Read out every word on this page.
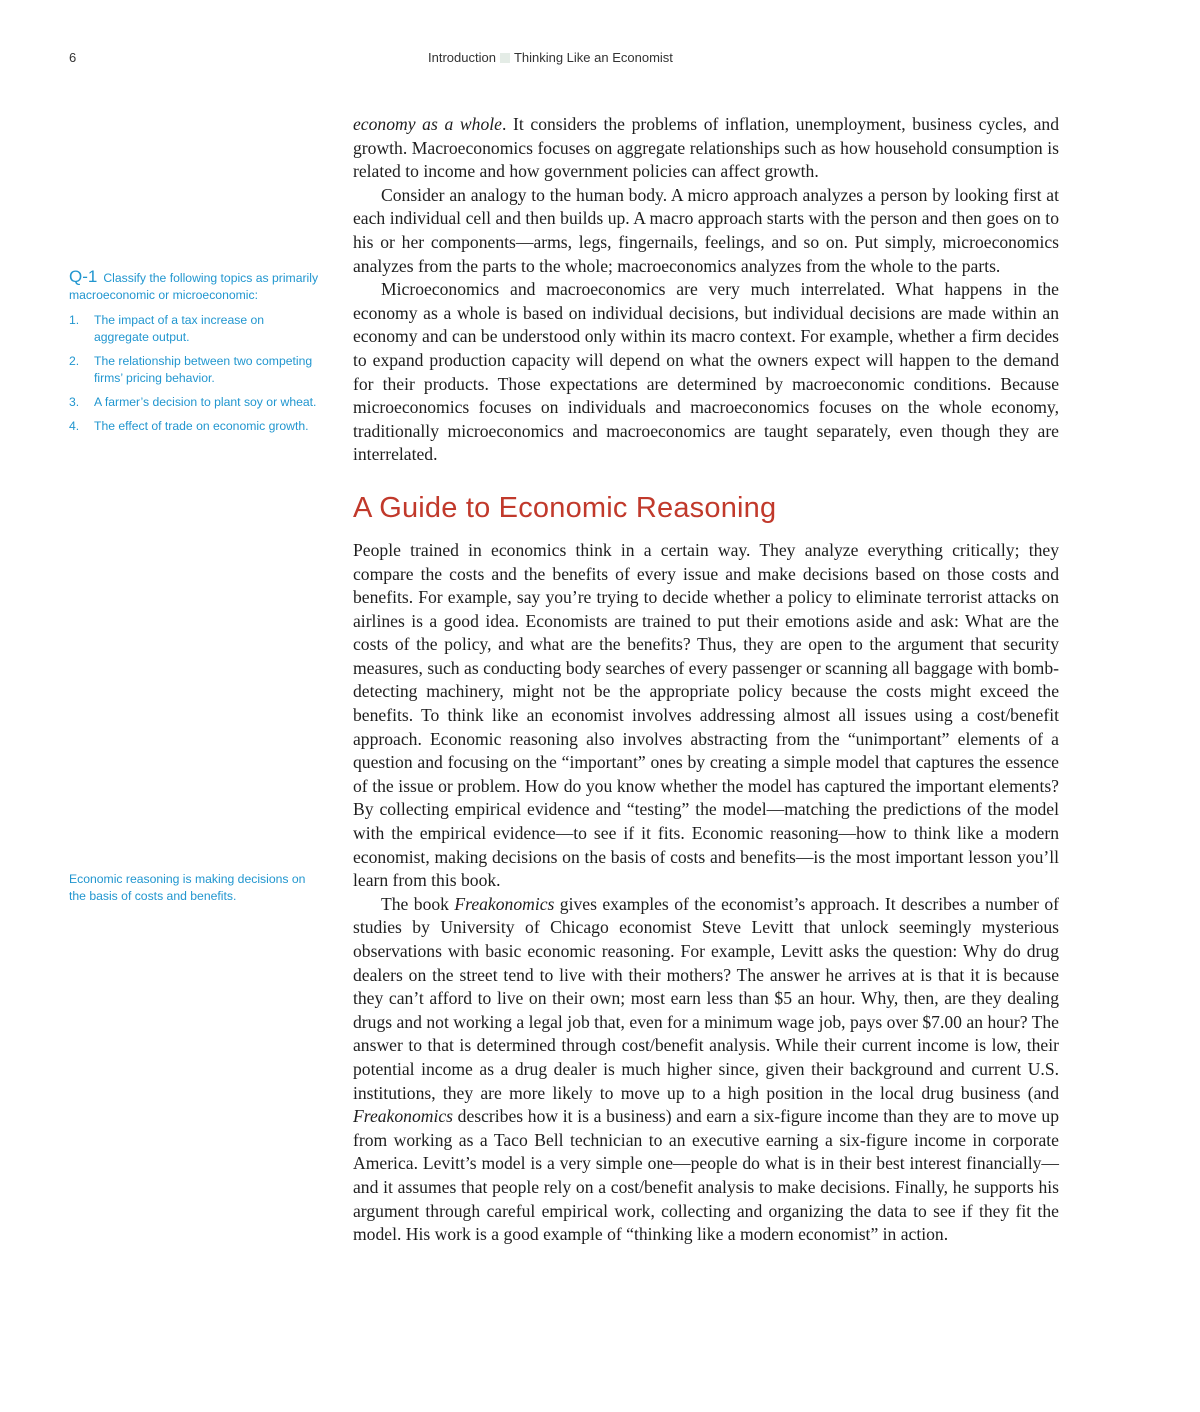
6	Introduction Thinking Like an Economist
Q-1 Classify the following topics as primarily macroeconomic or microeconomic:
1. The impact of a tax increase on aggregate output.
2. The relationship between two competing firms’ pricing behavior.
3. A farmer’s decision to plant soy or wheat.
4. The effect of trade on economic growth.
Economic reasoning is making decisions on the basis of costs and benefits.

economy as a whole. It considers the problems of inflation, unemployment, business cycles, and growth. Macroeconomics focuses on aggregate relationships such as how household consumption is related to income and how government policies can affect growth.

Consider an analogy to the human body. A micro approach analyzes a person by looking first at each individual cell and then builds up. A macro approach starts with the person and then goes on to his or her components—arms, legs, fingernails, feelings, and so on. Put simply, microeconomics analyzes from the parts to the whole; macroeconomics analyzes from the whole to the parts.

Microeconomics and macroeconomics are very much interrelated. What happens in the economy as a whole is based on individual decisions, but individual decisions are made within an economy and can be understood only within its macro context. For example, whether a firm decides to expand production capacity will depend on what the owners expect will happen to the demand for their products. Those expectations are determined by macroeconomic conditions. Because microeconomics focuses on individuals and macroeconomics focuses on the whole economy, traditionally microeconomics and macroeconomics are taught separately, even though they are interrelated.

A Guide to Economic Reasoning

People trained in economics think in a certain way. They analyze everything critically; they compare the costs and the benefits of every issue and make decisions based on those costs and benefits. For example, say you’re trying to decide whether a policy to eliminate terrorist attacks on airlines is a good idea. Economists are trained to put their emotions aside and ask: What are the costs of the policy, and what are the benefits? Thus, they are open to the argument that security measures, such as conducting body searches of every passenger or scanning all baggage with bomb-detecting machinery, might not be the appropriate policy because the costs might exceed the benefits. To think like an economist involves addressing almost all issues using a cost/benefit approach. Economic reasoning also involves abstracting from the “unimportant” elements of a question and focusing on the “important” ones by creating a simple model that captures the essence of the issue or problem. How do you know whether the model has captured the important elements? By collecting empirical evidence and “testing” the model—matching the predictions of the model with the empirical evidence—to see if it fits. Economic reasoning—how to think like a modern economist, making decisions on the basis of costs and benefits—is the most important lesson you’ll learn from this book.

The book Freakonomics gives examples of the economist’s approach. It describes a number of studies by University of Chicago economist Steve Levitt that unlock seemingly mysterious observations with basic economic reasoning. For example, Levitt asks the question: Why do drug dealers on the street tend to live with their mothers? The answer he arrives at is that it is because they can’t afford to live on their own; most earn less than $5 an hour. Why, then, are they dealing drugs and not working a legal job that, even for a minimum wage job, pays over $7.00 an hour? The answer to that is determined through cost/benefit analysis. While their current income is low, their potential income as a drug dealer is much higher since, given their background and current U.S. institutions, they are more likely to move up to a high position in the local drug business (and Freakonomics describes how it is a business) and earn a six-figure income than they are to move up from working as a Taco Bell technician to an executive earning a six-figure income in corporate America. Levitt’s model is a very simple one—people do what is in their best interest financially—and it assumes that people rely on a cost/benefit analysis to make decisions. Finally, he supports his argument through careful empirical work, collecting and organizing the data to see if they fit the model. His work is a good example of “thinking like a modern economist” in action.
